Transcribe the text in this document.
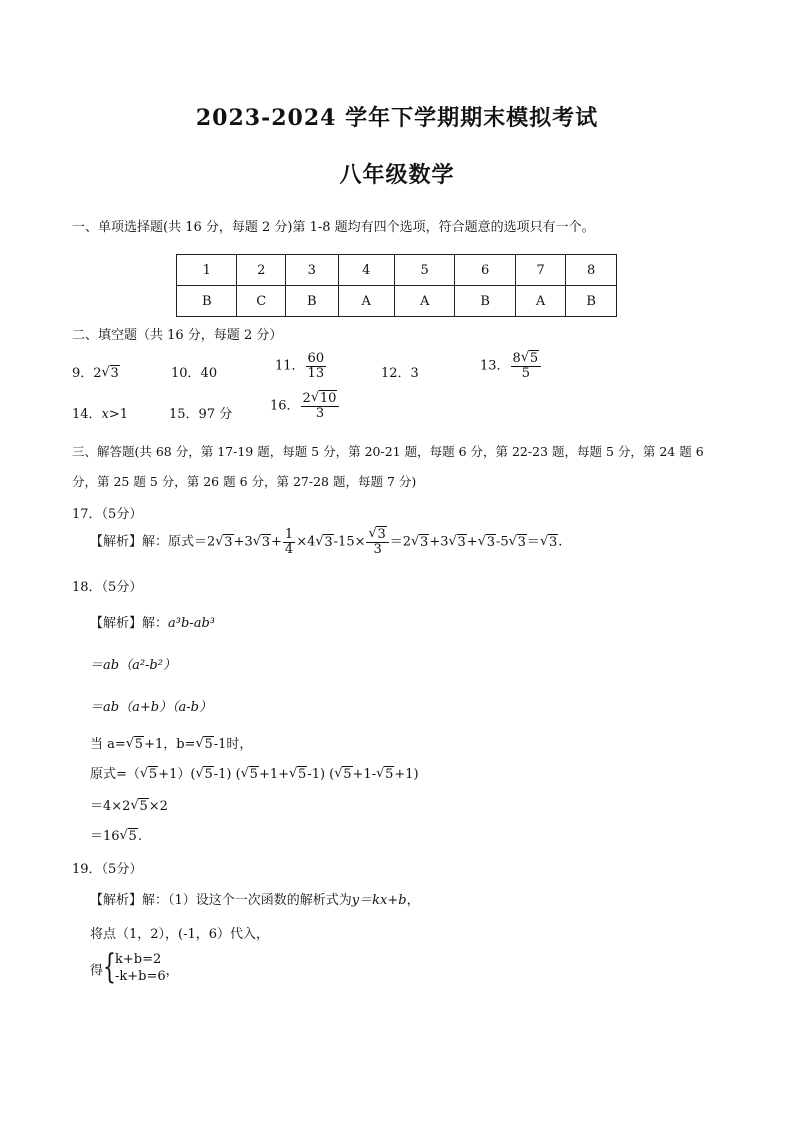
2023-2024 学年下学期期末模拟考试
八年级数学
一、单项选择题(共 16 分，每题 2 分)第 1-8 题均有四个选项，符合题意的选项只有一个。
1	2	3	4	5	6	7	8
B	C	B	A	A	B	A	B
二、填空题（共 16 分，每题 2 分）
9．2 √ 3	10．40	11． $\frac{60}{13}$	12．3	13． $\frac{8 √ 5}{5}$
14．x>1	15．97 分
16． $\frac{2 √ 10}{3}$
三、解答题(共 68 分，第 17-19 题，每题 5 分，第 20-21 题，每题 6 分，第 22-23 题，每题 5 分，第 24 题 6
分，第 25 题 5 分，第 26 题 6 分，第 27-28 题，每题 7 分)
17．（5分）
【解析】解：原式＝2 √ 3+3 √ $3+ \frac{1}{4} \times 4$ √ 3-15× √ $\frac{3}{3} =2$ √ 3+3 √ 3+ √ 3-5 √ 3＝ √ 3.
18．（5分）
【解析】解：a³b-ab³
＝ab（a²-b²）
＝ab（a+b）（a-b）
当 a= √ 5+1，b= √ 5-1时，
原式=（ √ 5+1）( √ 5-1) ( √ 5+1+ √ 5-1) ( √ 5+1- √ 5+1)
＝4×2 √ 5×2
＝16 √ 5.
19．（5分）
【解析】解：（1）设这个一次函数的解析式为y＝kx+b，
将点（1，2），(-1，6）代入，
得 { k+b=2
-k+b=6 ，
